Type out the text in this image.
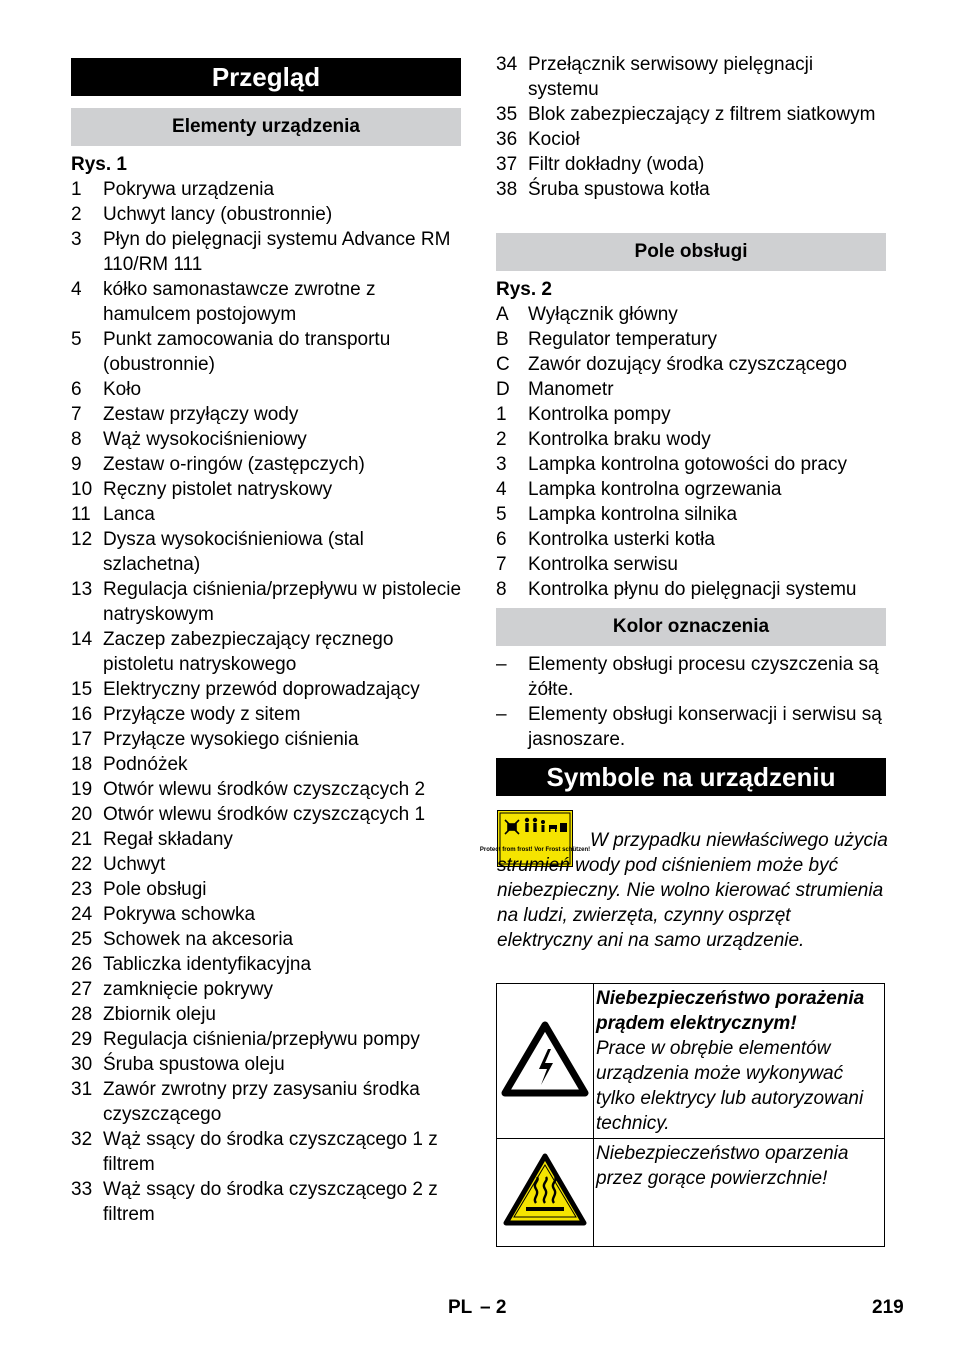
Przegląd
Elementy urządzenia
Rys. 1
1 Pokrywa urządzenia
2 Uchwyt lancy (obustronnie)
3 Płyn do pielęgnacji systemu Advance RM 110/RM 111
4 kółko samonastawcze zwrotne z hamulcem postojowym
5 Punkt zamocowania do transportu (obustronnie)
6 Koło
7 Zestaw przyłączy wody
8 Wąż wysokociśnieniowy
9 Zestaw o-ringów (zastępczych)
10 Ręczny pistolet natryskowy
11 Lanca
12 Dysza wysokociśnieniowa (stal szlachetna)
13 Regulacja ciśnienia/przepływu w pistolecie natryskowym
14 Zaczep zabezpieczający ręcznego pistoletu natryskowego
15 Elektryczny przewód doprowadzający
16 Przyłącze wody z sitem
17 Przyłącze wysokiego ciśnienia
18 Podnóżek
19 Otwór wlewu środków czyszczących 2
20 Otwór wlewu środków czyszczących 1
21 Regał składany
22 Uchwyt
23 Pole obsługi
24 Pokrywa schowka
25 Schowek na akcesoria
26 Tabliczka identyfikacyjna
27 zamknięcie pokrywy
28 Zbiornik oleju
29 Regulacja ciśnienia/przepływu pompy
30 Śruba spustowa oleju
31 Zawór zwrotny przy zasysaniu środka czyszczącego
32 Wąż ssący do środka czyszczącego 1 z filtrem
33 Wąż ssący do środka czyszczącego 2 z filtrem
34 Przełącznik serwisowy pielęgnacji systemu
35 Blok zabezpieczający z filtrem siatkowym
36 Kocioł
37 Filtr dokładny (woda)
38 Śruba spustowa kotła
Pole obsługi
Rys. 2
A Wyłącznik główny
B Regulator temperatury
C Zawór dozujący środka czyszczącego
D Manometr
1 Kontrolka pompy
2 Kontrolka braku wody
3 Lampka kontrolna gotowości do pracy
4 Lampka kontrolna ogrzewania
5 Lampka kontrolna silnika
6 Kontrolka usterki kotła
7 Kontrolka serwisu
8 Kontrolka płynu do pielęgnacji systemu
Kolor oznaczenia
– Elementy obsługi procesu czyszczenia są żółte.
– Elementy obsługi konserwacji i serwisu są jasnoszare.
Symbole na urządzeniu
Protect from frost! Vor Frost schützen! W przypadku niewłaściwego użycia strumień wody pod ciśnieniem może być niebezpieczny. Nie wolno kierować strumienia na ludzi, zwierzęta, czynny osprzęt elektryczny ani na samo urządzenie.

Niebezpieczeństwo porażenia prądem elektrycznym!
Prace w obrębie elementów urządzenia może wykonywać tylko elektrycy lub autoryzowani technicy.

Niebezpieczeństwo oparzenia przez gorące powierzchnie!
PL – 2	219
